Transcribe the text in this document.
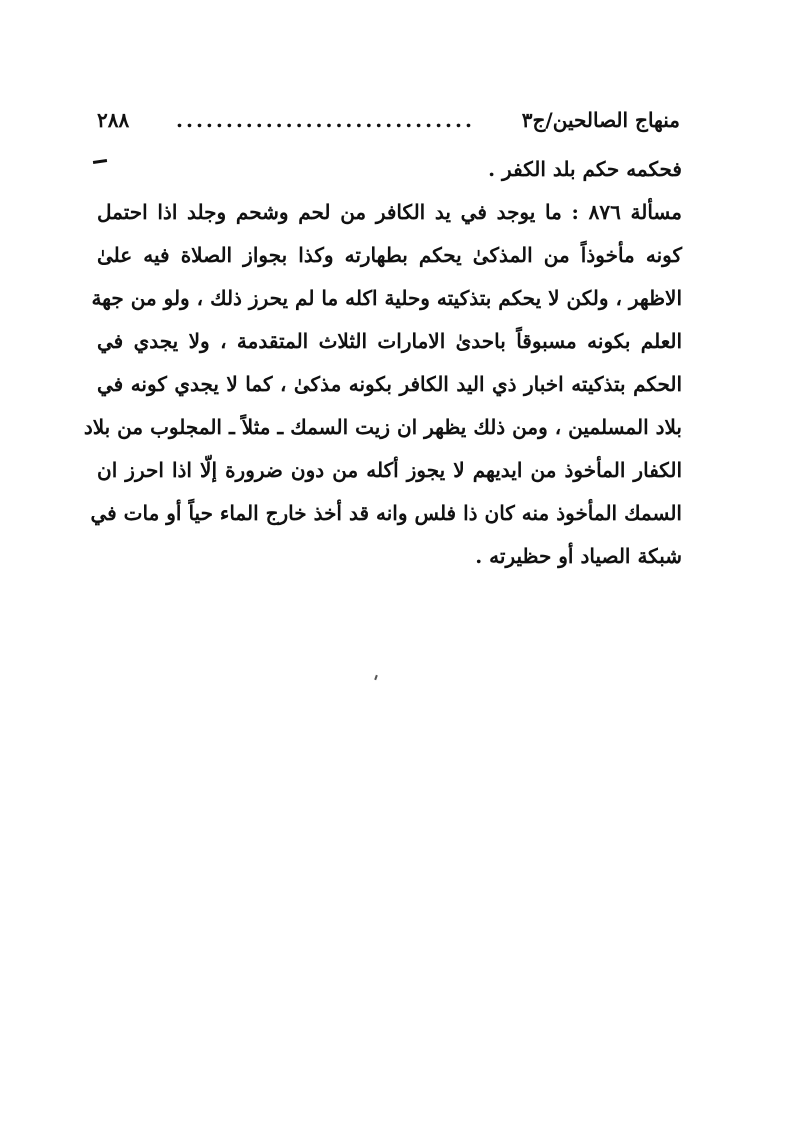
منهاج الصالحين/ج٣
..............................
٢٨٨
فحكمه حكم بلد الكفر .
مسألة ٨٧٦ : ما يوجد في يد الكافر من لحم وشحم وجلد اذا احتمل
كونه مأخوذاً من المذكىٰ يحكم بطهارته وكذا بجواز الصلاة فيه علىٰ
الاظهر ، ولكن لا يحكم بتذكيته وحلية اكله ما لم يحرز ذلك ، ولو من جهة
العلم بكونه مسبوقاً باحدىٰ الامارات الثلاث المتقدمة ، ولا يجدي في
الحكم بتذكيته اخبار ذي اليد الكافر بكونه مذكىٰ ، كما لا يجدي كونه في
بلاد المسلمين ، ومن ذلك يظهر ان زيت السمك ـ مثلاً ـ المجلوب من بلاد
الكفار المأخوذ من ايديهم لا يجوز أكله من دون ضرورة إلّا اذا احرز ان
السمك المأخوذ منه كان ذا فلس وانه قد أخذ خارج الماء حياً أو مات في
شبكة الصياد أو حظيرته .
